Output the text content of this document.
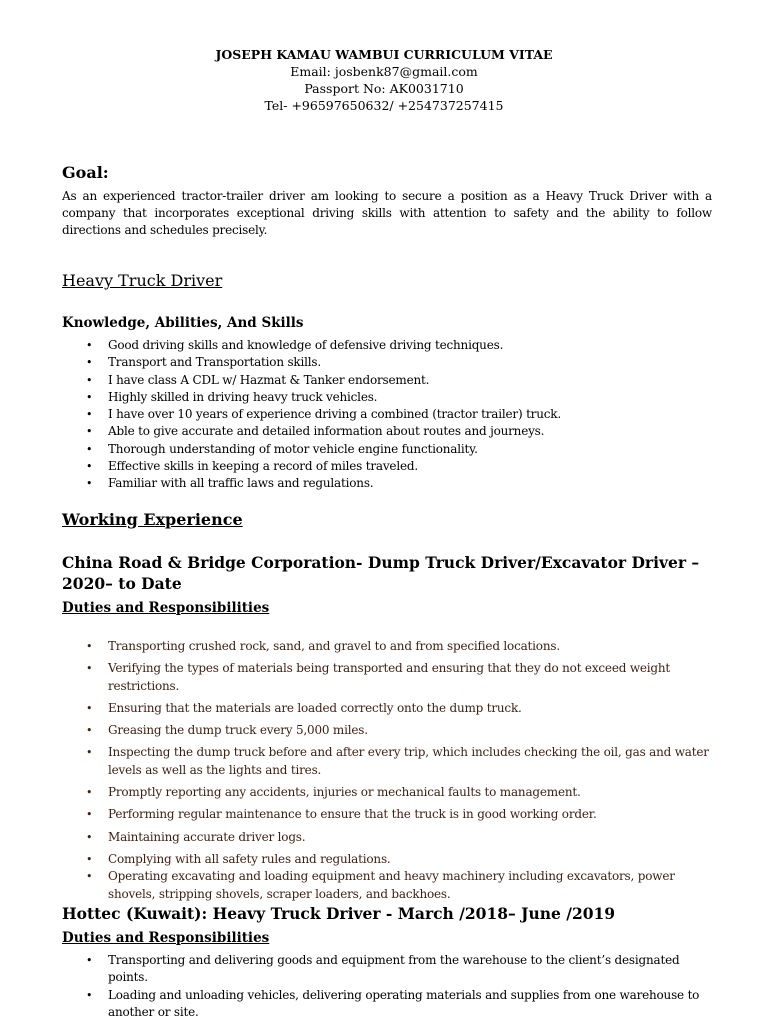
JOSEPH KAMAU WAMBUI CURRICULUM VITAE
Email: josbenk87@gmail.com
Passport No: AK0031710
Tel- +96597650632/ +254737257415
Goal:
As an experienced tractor-trailer driver am looking to secure a position as a Heavy Truck Driver with a company that incorporates exceptional driving skills with attention to safety and the ability to follow directions and schedules precisely.
Heavy Truck Driver
Knowledge, Abilities, And Skills
• Good driving skills and knowledge of defensive driving techniques.
• Transport and Transportation skills.
• I have class A CDL w/ Hazmat & Tanker endorsement.
• Highly skilled in driving heavy truck vehicles.
• I have over 10 years of experience driving a combined (tractor trailer) truck.
• Able to give accurate and detailed information about routes and journeys.
• Thorough understanding of motor vehicle engine functionality.
• Effective skills in keeping a record of miles traveled.
• Familiar with all traffic laws and regulations.
Working Experience
China Road & Bridge Corporation- Dump Truck Driver/Excavator Driver – 2020– to Date
Duties and Responsibilities
• Transporting crushed rock, sand, and gravel to and from specified locations.
• Verifying the types of materials being transported and ensuring that they do not exceed weight restrictions.
• Ensuring that the materials are loaded correctly onto the dump truck.
• Greasing the dump truck every 5,000 miles.
• Inspecting the dump truck before and after every trip, which includes checking the oil, gas and water levels as well as the lights and tires.
• Promptly reporting any accidents, injuries or mechanical faults to management.
• Performing regular maintenance to ensure that the truck is in good working order.
• Maintaining accurate driver logs.
• Complying with all safety rules and regulations.
• Operating excavating and loading equipment and heavy machinery including excavators, power shovels, stripping shovels, scraper loaders, and backhoes.
Hottec (Kuwait): Heavy Truck Driver - March /2018– June /2019
Duties and Responsibilities
• Transporting and delivering goods and equipment from the warehouse to the client’s designated points.
• Loading and unloading vehicles, delivering operating materials and supplies from one warehouse to another or site.
